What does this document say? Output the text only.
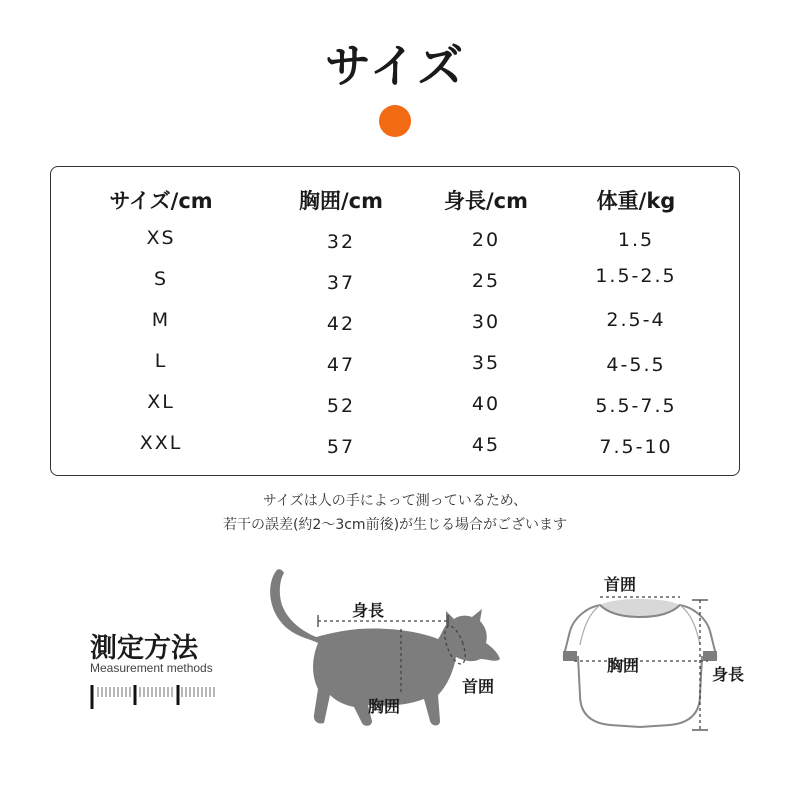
サイズ
サイズ/cm	胸囲/cm	身長/cm	体重/kg
XS	32	20	1.5
S	37	25	1.5-2.5
M	42	30	2.5-4
L	47	35	4-5.5
XL	52	40	5.5-7.5
XXL	57	45	7.5-10
サイズは人の手によって測っているため、
若干の誤差(約2～3cm前後)が生じる場合がございます
測定方法
Measurement methods
身長
胸囲
首囲
首囲
胸囲	身長
